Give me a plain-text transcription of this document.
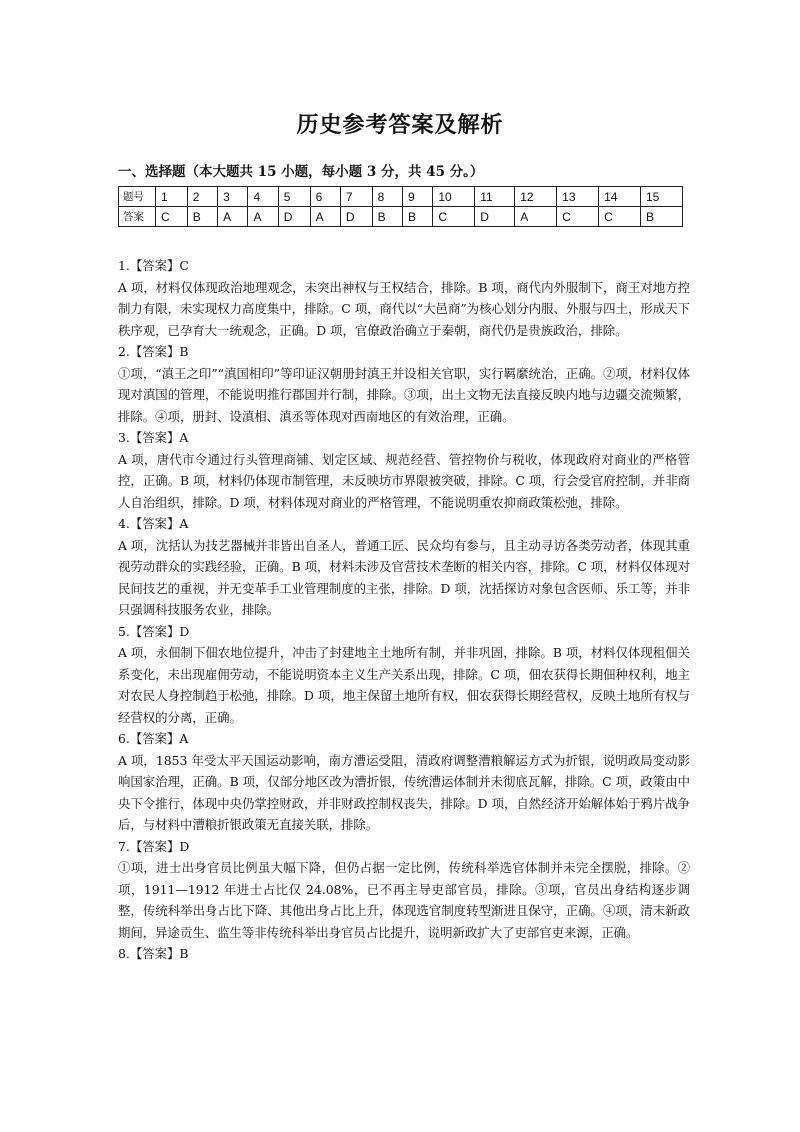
历史参考答案及解析
一、选择题（本大题共 15 小题，每小题 3 分，共 45 分。）
题号	1	2	3	4	5	6	7	8	9	10	11	12	13	14	15
答案	C	B	A	A	D	A	D	B	B	C	D	A	C	C	B

1.【答案】C

A 项，材料仅体现政治地理观念，未突出神权与王权结合，排除。B 项，商代内外服制下，商王对地方控制力有限，未实现权力高度集中，排除。C 项，商代以“大邑商”为核心划分内服、外服与四土，形成天下秩序观，已孕育大一统观念，正确。D 项，官僚政治确立于秦朝，商代仍是贵族政治，排除。

2.【答案】B

①项，“滇王之印”“滇国相印”等印证汉朝册封滇王并设相关官职，实行羁縻统治，正确。②项，材料仅体现对滇国的管理，不能说明推行郡国并行制，排除。③项，出土文物无法直接反映内地与边疆交流频繁，排除。④项，册封、设滇相、滇丞等体现对西南地区的有效治理，正确。

3.【答案】A

A 项，唐代市令通过行头管理商铺、划定区域、规范经营、管控物价与税收，体现政府对商业的严格管控，正确。B 项，材料仍体现市制管理，未反映坊市界限被突破，排除。C 项，行会受官府控制，并非商人自治组织，排除。D 项，材料体现对商业的严格管理，不能说明重农抑商政策松弛，排除。

4.【答案】A

A 项，沈括认为技艺器械并非皆出自圣人，普通工匠、民众均有参与，且主动寻访各类劳动者，体现其重视劳动群众的实践经验，正确。B 项，材料未涉及官营技术垄断的相关内容，排除。C 项，材料仅体现对民间技艺的重视，并无变革手工业管理制度的主张，排除。D 项，沈括探访对象包含医师、乐工等，并非只强调科技服务农业，排除。

5.【答案】D

A 项，永佃制下佃农地位提升，冲击了封建地主土地所有制，并非巩固，排除。B 项，材料仅体现租佃关系变化，未出现雇佣劳动，不能说明资本主义生产关系出现，排除。C 项，佃农获得长期佃种权利，地主对农民人身控制趋于松弛，排除。D 项，地主保留土地所有权，佃农获得长期经营权，反映土地所有权与经营权的分离，正确。

6.【答案】A

A 项，1853 年受太平天国运动影响，南方漕运受阻，清政府调整漕粮解运方式为折银，说明政局变动影响国家治理，正确。B 项，仅部分地区改为漕折银，传统漕运体制并未彻底瓦解，排除。C 项，政策由中央下令推行，体现中央仍掌控财政，并非财政控制权丧失，排除。D 项，自然经济开始解体始于鸦片战争后，与材料中漕粮折银政策无直接关联，排除。

7.【答案】D

①项，进士出身官员比例虽大幅下降，但仍占据一定比例，传统科举选官体制并未完全摆脱，排除。②项，1911—1912 年进士占比仅 24.08%，已不再主导吏部官员，排除。③项，官员出身结构逐步调整，传统科举出身占比下降、其他出身占比上升，体现选官制度转型渐进且保守，正确。④项，清末新政期间，异途贡生、监生等非传统科举出身官员占比提升，说明新政扩大了吏部官吏来源，正确。

8.【答案】B
